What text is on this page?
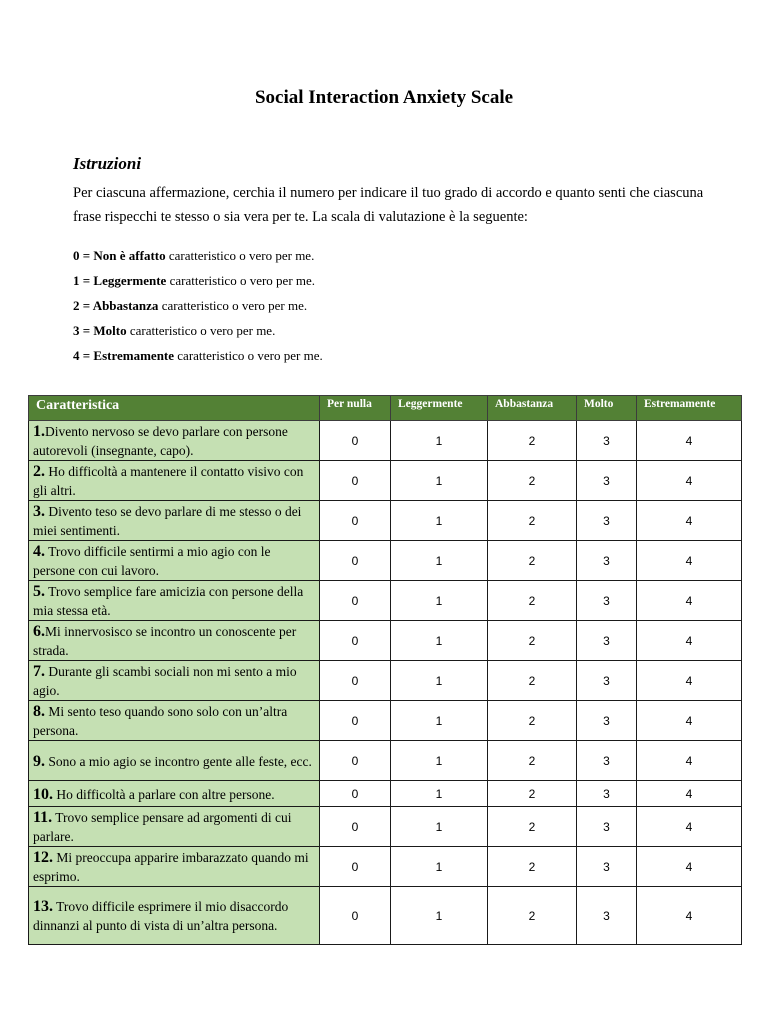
Social Interaction Anxiety Scale
Istruzioni
Per ciascuna affermazione, cerchia il numero per indicare il tuo grado di accordo e quanto senti che ciascuna frase rispecchi te stesso o sia vera per te. La scala di valutazione è la seguente:
0 = Non è affatto caratteristico o vero per me.
1 = Leggermente caratteristico o vero per me.
2 = Abbastanza caratteristico o vero per me.
3 = Molto caratteristico o vero per me.
4 = Estremamente caratteristico o vero per me.
Caratteristica	Per nulla	Leggermente	Abbastanza	Molto	Estremamente
1.Divento nervoso se devo parlare con persone autorevoli (insegnante, capo).	0	1	2	3	4
2. Ho difficoltà a mantenere il contatto visivo con gli altri.	0	1	2	3	4
3. Divento teso se devo parlare di me stesso o dei miei sentimenti.	0	1	2	3	4
4. Trovo difficile sentirmi a mio agio con le persone con cui lavoro.	0	1	2	3	4
5. Trovo semplice fare amicizia con persone della mia stessa età.	0	1	2	3	4
6.Mi innervosisco se incontro un conoscente per strada.	0	1	2	3	4
7. Durante gli scambi sociali non mi sento a mio agio.	0	1	2	3	4
8. Mi sento teso quando sono solo con un’altra persona.	0	1	2	3	4
9. Sono a mio agio se incontro gente alle feste, ecc.	0	1	2	3	4
10. Ho difficoltà a parlare con altre persone.	0	1	2	3	4
11. Trovo semplice pensare ad argomenti di cui parlare.	0	1	2	3	4
12. Mi preoccupa apparire imbarazzato quando mi esprimo.	0	1	2	3	4
13. Trovo difficile esprimere il mio disaccordo dinnanzi al punto di vista di un’altra persona.	0	1	2	3	4
